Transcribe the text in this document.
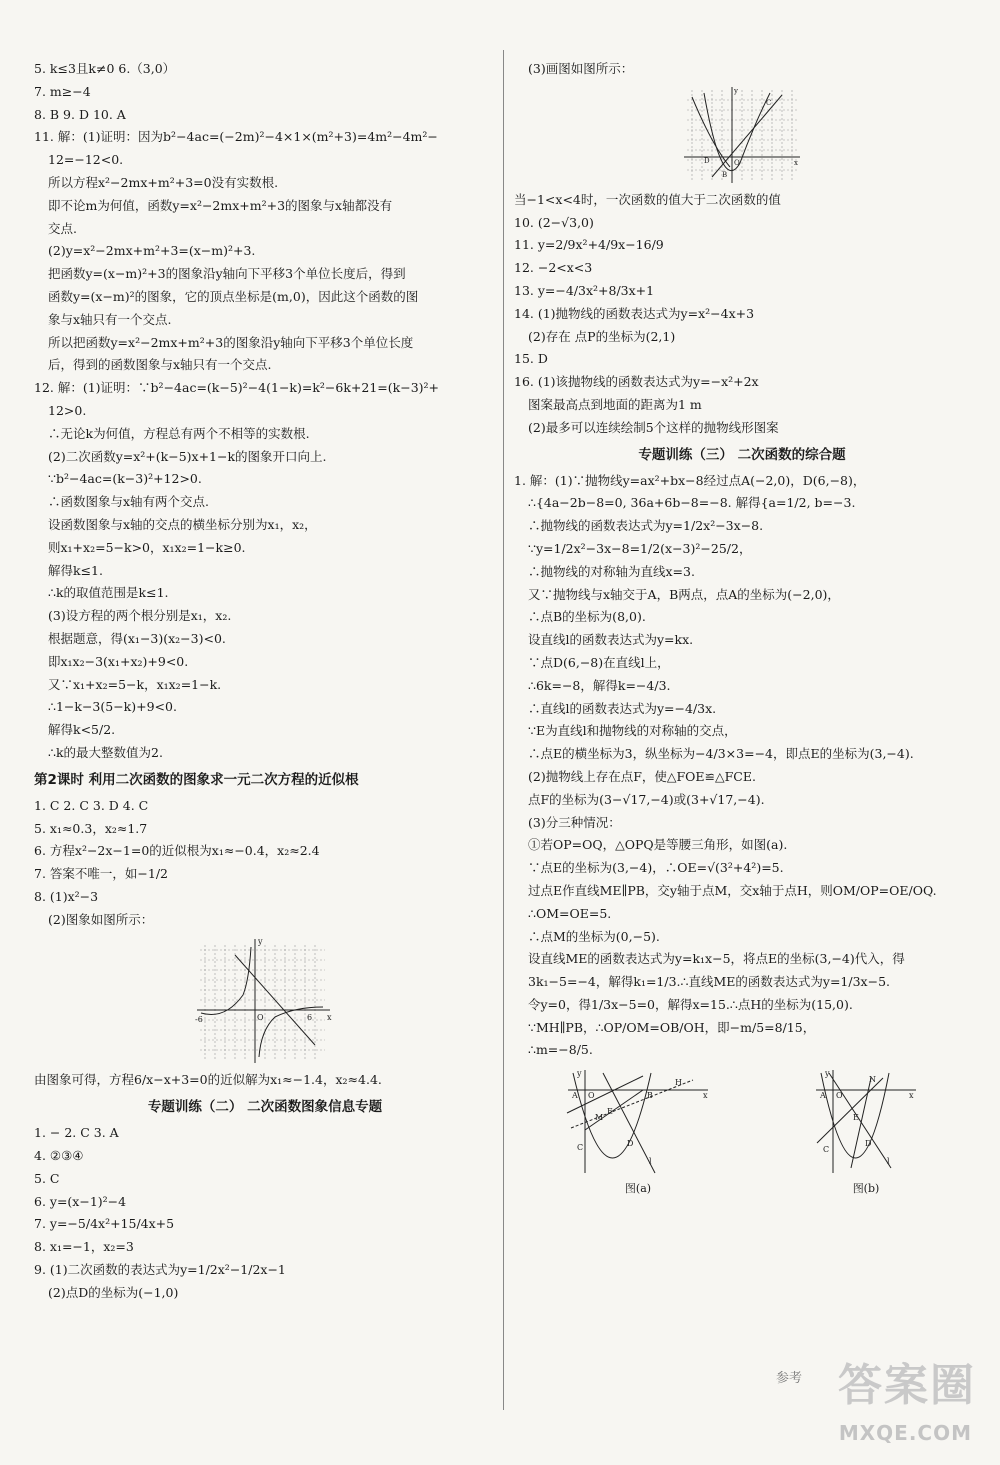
5. k≤3且k≠0 6.（3,0）
7. m≥−4
8. B 9. D 10. A
11. 解：(1)证明：因为b²−4ac=(−2m)²−4×1×(m²+3)=4m²−4m²−
12=−12<0.
所以方程x²−2mx+m²+3=0没有实数根.
即不论m为何值，函数y=x²−2mx+m²+3的图象与x轴都没有
交点.
(2)y=x²−2mx+m²+3=(x−m)²+3.
把函数y=(x−m)²+3的图象沿y轴向下平移3个单位长度后，得到
函数y=(x−m)²的图象，它的顶点坐标是(m,0)，因此这个函数的图
象与x轴只有一个交点.
所以把函数y=x²−2mx+m²+3的图象沿y轴向下平移3个单位长度
后，得到的函数图象与x轴只有一个交点.
12. 解：(1)证明：∵b²−4ac=(k−5)²−4(1−k)=k²−6k+21=(k−3)²+
12>0.
∴无论k为何值，方程总有两个不相等的实数根.
(2)二次函数y=x²+(k−5)x+1−k的图象开口向上.
∵b²−4ac=(k−3)²+12>0.
∴函数图象与x轴有两个交点.
设函数图象与x轴的交点的横坐标分别为x₁，x₂，
则x₁+x₂=5−k>0，x₁x₂=1−k≥0.
解得k≤1.
∴k的取值范围是k≤1.
(3)设方程的两个根分别是x₁，x₂.
根据题意，得(x₁−3)(x₂−3)<0.
即x₁x₂−3(x₁+x₂)+9<0.
又∵x₁+x₂=5−k，x₁x₂=1−k.
∴1−k−3(5−k)+9<0.
解得k<5/2.
∴k的最大整数值为2.
第2课时 利用二次函数的图象求一元二次方程的近似根
1. C 2. C 3. D 4. C
5. x₁≈0.3，x₂≈1.7
6. 方程x²−2x−1=0的近似根为x₁≈−0.4，x₂≈2.4
7. 答案不唯一，如−1/2
8. (1)x²−3
(2)图象如图所示：
-6	O	6 x
y
由图象可得，方程6/x−x+3=0的近似解为x₁≈−1.4，x₂≈4.4.
专题训练（二） 二次函数图象信息专题
1. − 2. C 3. A
4. ②③④
5. C
6. y=(x−1)²−4
7. y=−5/4x²+15/4x+5
8. x₁=−1，x₂=3
9. (1)二次函数的表达式为y=1/2x²−1/2x−1
(2)点D的坐标为(−1,0)
(3)画图如图所示：
O	x
y
C
D
B
当−1<x<4时，一次函数的值大于二次函数的值
10. (2−√3,0)
11. y=2/9x²+4/9x−16/9
12. −2<x<3
13. y=−4/3x²+8/3x+1
14. (1)抛物线的函数表达式为y=x²−4x+3
(2)存在 点P的坐标为(2,1)
15. D
16. (1)该抛物线的函数表达式为y=−x²+2x
图案最高点到地面的距离为1 m
(2)最多可以连续绘制5个这样的抛物线形图案
专题训练（三） 二次函数的综合题
1. 解：(1)∵抛物线y=ax²+bx−8经过点A(−2,0)，D(6,−8)，
∴{4a−2b−8=0, 36a+6b−8=−8. 解得{a=1/2, b=−3.
∴抛物线的函数表达式为y=1/2x²−3x−8.
∵y=1/2x²−3x−8=1/2(x−3)²−25/2，
∴抛物线的对称轴为直线x=3.
又∵抛物线与x轴交于A，B两点，点A的坐标为(−2,0)，
∴点B的坐标为(8,0).
设直线l的函数表达式为y=kx.
∵点D(6,−8)在直线l上，
∴6k=−8，解得k=−4/3.
∴直线l的函数表达式为y=−4/3x.
∵E为直线l和抛物线的对称轴的交点，
∴点E的横坐标为3，纵坐标为−4/3×3=−4，即点E的坐标为(3,−4).
(2)抛物线上存在点F，使△FOE≌△FCE.
点F的坐标为(3−√17,−4)或(3+√17,−4).
(3)分三种情况：
①若OP=OQ，△OPQ是等腰三角形，如图(a).
∵点E的坐标为(3,−4)，∴OE=√(3²+4²)=5.
过点E作直线ME∥PB，交y轴于点M，交x轴于点H，则OM/OP=OE/OQ.
∴OM=OE=5.
∴点M的坐标为(0,−5).
设直线ME的函数表达式为y=k₁x−5，将点E的坐标(3,−4)代入，得
3k₁−5=−4，解得k₁=1/3.∴直线ME的函数表达式为y=1/3x−5.
令y=0，得1/3x−5=0，解得x=15.∴点H的坐标为(15,0).
∵MH∥PB，∴OP/OM=OB/OH，即−m/5=8/15，
∴m=−8/5.
A O	B
H
x
y
M
E
C	D
l
图(a)
A O
N
x
y
E
C
D
l
图(b)
参考 答案圈
MXQE.COM
